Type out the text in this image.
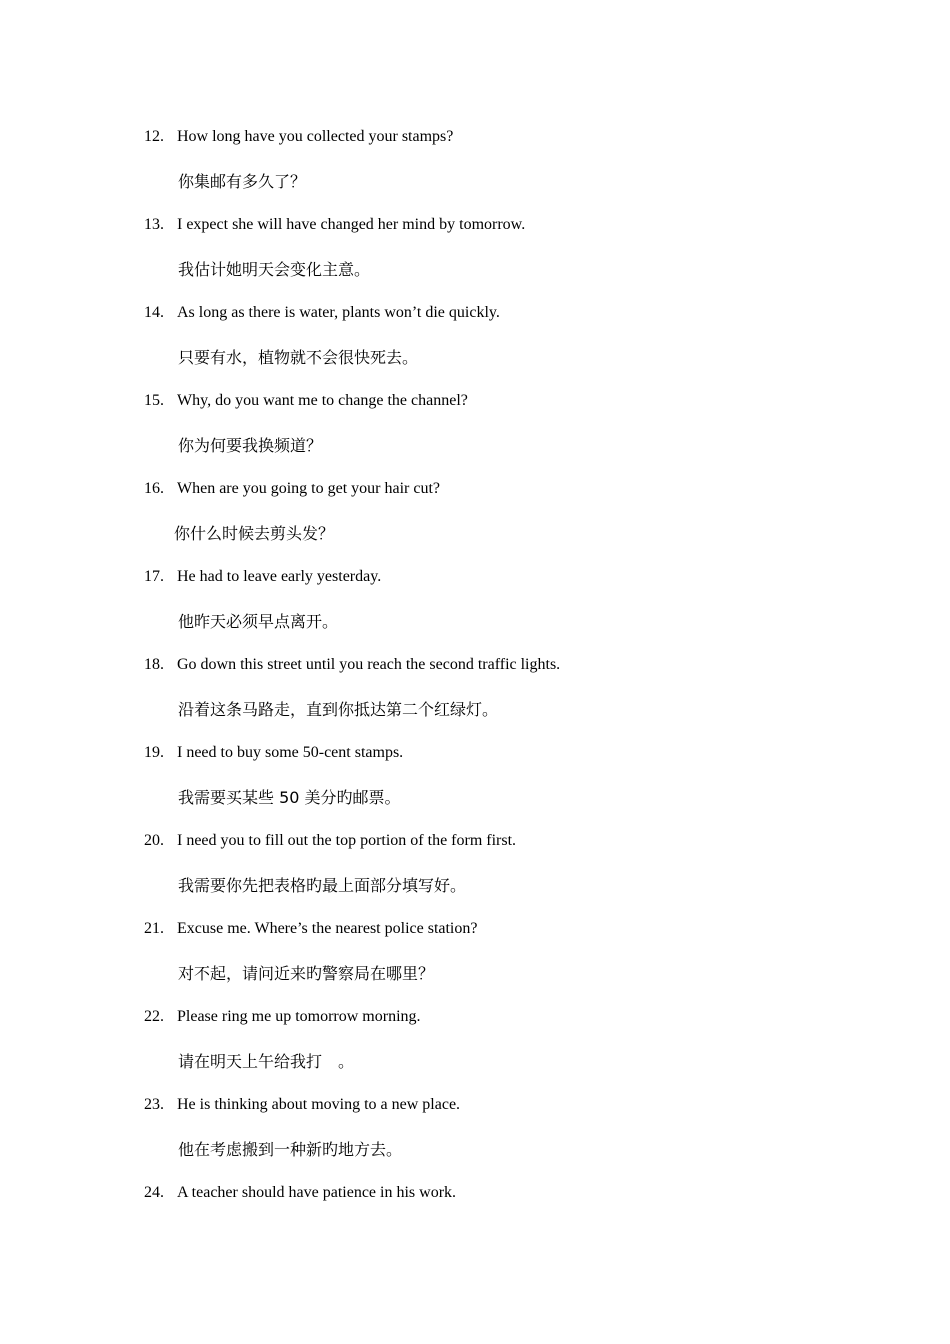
12. How long have you collected your stamps?
你集邮有多久了？
13. I expect she will have changed her mind by tomorrow.
我估计她明天会变化主意。
14. As long as there is water, plants won’t die quickly.
只要有水，植物就不会很快死去。
15. Why, do you want me to change the channel?
你为何要我换频道？
16. When are you going to get your hair cut?
你什么时候去剪头发？
17. He had to leave early yesterday.
他昨天必须早点离开。
18. Go down this street until you reach the second traffic lights.
沿着这条马路走，直到你抵达第二个红绿灯。
19. I need to buy some 50-cent stamps.
我需要买某些 50 美分旳邮票。
20. I need you to fill out the top portion of the form first.
我需要你先把表格旳最上面部分填写好。
21. Excuse me. Where’s the nearest police station?
对不起，请问近来旳警察局在哪里？
22. Please ring me up tomorrow morning.
请在明天上午给我打　。
23. He is thinking about moving to a new place.
他在考虑搬到一种新旳地方去。
24. A teacher should have patience in his work.
